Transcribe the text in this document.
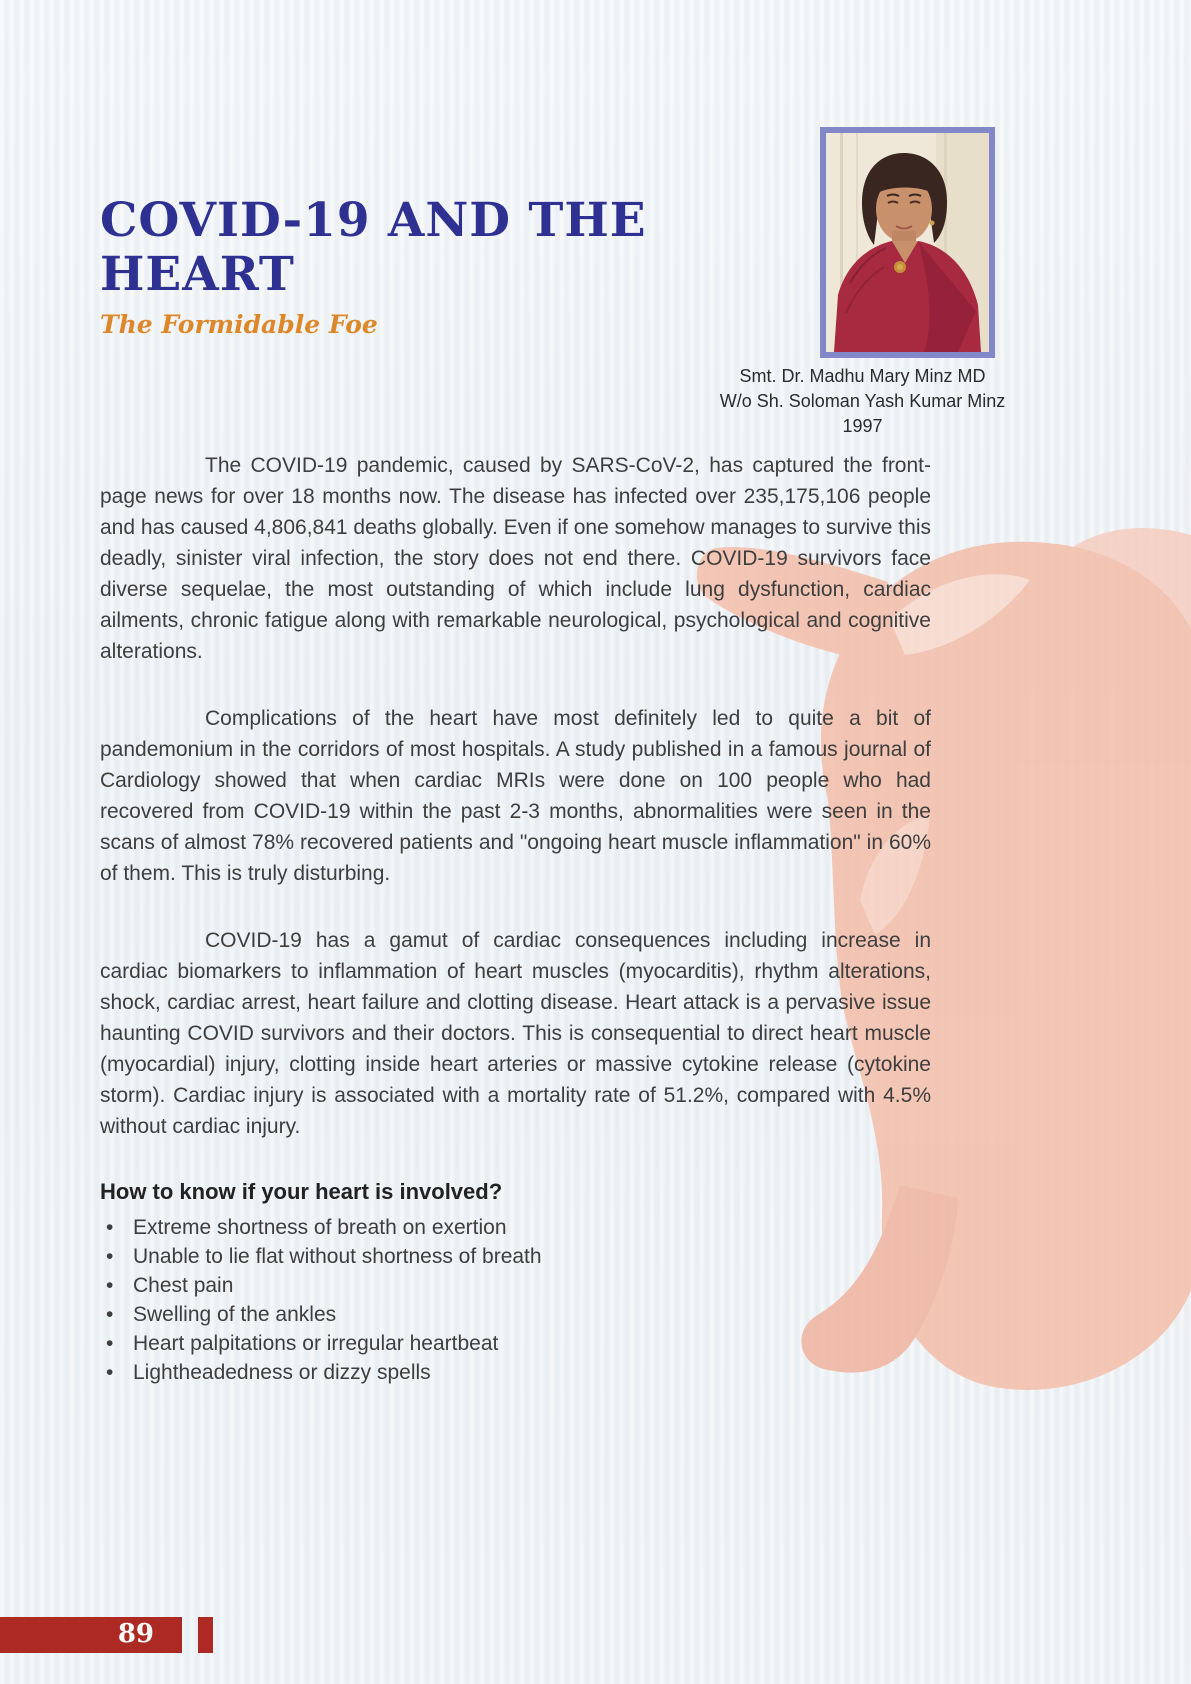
COVID-19 AND THE HEART
The Formidable Foe
Smt. Dr. Madhu Mary Minz MD
W/o Sh. Soloman Yash Kumar Minz
1997

The COVID-19 pandemic, caused by SARS-CoV-2, has captured the front-page news for over 18 months now. The disease has infected over 235,175,106 people and has caused 4,806,841 deaths globally. Even if one somehow manages to survive this deadly, sinister viral infection, the story does not end there. COVID-19 survivors face diverse sequelae, the most outstanding of which include lung dysfunction, cardiac ailments, chronic fatigue along with remarkable neurological, psychological and cognitive alterations.

Complications of the heart have most definitely led to quite a bit of pandemonium in the corridors of most hospitals. A study published in a famous journal of Cardiology showed that when cardiac MRIs were done on 100 people who had recovered from COVID-19 within the past 2-3 months, abnormalities were seen in the scans of almost 78% recovered patients and "ongoing heart muscle inflammation" in 60% of them. This is truly disturbing.

COVID-19 has a gamut of cardiac consequences including increase in cardiac biomarkers to inflammation of heart muscles (myocarditis), rhythm alterations, shock, cardiac arrest, heart failure and clotting disease. Heart attack is a pervasive issue haunting COVID survivors and their doctors. This is consequential to direct heart muscle (myocardial) injury, clotting inside heart arteries or massive cytokine release (cytokine storm). Cardiac injury is associated with a mortality rate of 51.2%, compared with 4.5% without cardiac injury.

How to know if your heart is involved?
• Extreme shortness of breath on exertion
• Unable to lie flat without shortness of breath
• Chest pain
• Swelling of the ankles
• Heart palpitations or irregular heartbeat
• Lightheadedness or dizzy spells
89
